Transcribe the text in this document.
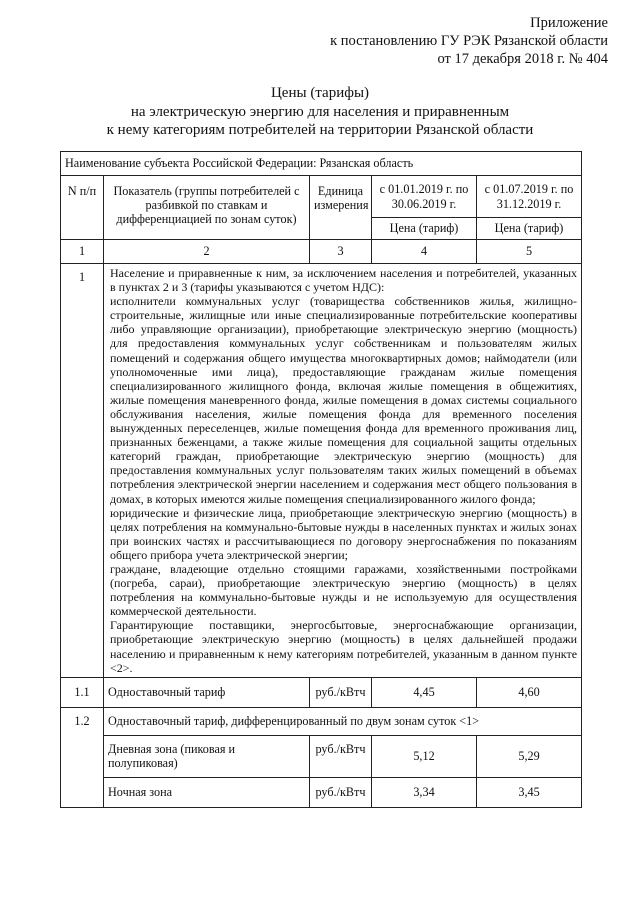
Приложение
к постановлению ГУ РЭК Рязанской области
от 17 декабря 2018 г. № 404
Цены (тарифы)
на электрическую энергию для населения и приравненным
к нему категориям потребителей на территории Рязанской области
Наименование субъекта Российской Федерации: Рязанская область				
N п/п	Показатель (группы потребителей с разбивкой по ставкам и дифференциацией по зонам суток)	Единица измерения	с 01.01.2019 г. по 30.06.2019 г.	с 01.07.2019 г. по 31.12.2019 г.
			Цена (тариф)	Цена (тариф)
1	2	3	4	5
1	Население и приравненные к ним, за исключением населения и потребителей, указанных в пунктах 2 и 3 (тарифы указываются с учетом НДС):

исполнители коммунальных услуг (товарищества собственников жилья, жилищно-строительные, жилищные или иные специализированные потребительские кооперативы либо управляющие организации), приобретающие электрическую энергию (мощность) для предоставления коммунальных услуг собственникам и пользователям жилых помещений и содержания общего имущества многоквартирных домов; наймодатели (или уполномоченные ими лица), предоставляющие гражданам жилые помещения специализированного жилищного фонда, включая жилые помещения в общежитиях, жилые помещения маневренного фонда, жилые помещения в домах системы социального обслуживания населения, жилые помещения фонда для временного поселения вынужденных переселенцев, жилые помещения фонда для временного проживания лиц, признанных беженцами, а также жилые помещения для социальной защиты отдельных категорий граждан, приобретающие электрическую энергию (мощность) для предоставления коммунальных услуг пользователям таких жилых помещений в объемах потребления электрической энергии населением и содержания мест общего пользования в домах, в которых имеются жилые помещения специализированного жилого фонда;

юридические и физические лица, приобретающие электрическую энергию (мощность) в целях потребления на коммунально-бытовые нужды в населенных пунктах и жилых зонах при воинских частях и рассчитывающиеся по договору энергоснабжения по показаниям общего прибора учета электрической энергии;

граждане, владеющие отдельно стоящими гаражами, хозяйственными постройками (погреба, сараи), приобретающие электрическую энергию (мощность) в целях потребления на коммунально-бытовые нужды и не используемую для осуществления коммерческой деятельности.

Гарантирующие поставщики, энергосбытовые, энергоснабжающие организации, приобретающие электрическую энергию (мощность) в целях дальнейшей продажи населению и приравненным к нему категориям потребителей, указанным в данном пункте <2>.			

1.1	Одноставочный тариф	руб./кВтч	4,45	4,60
1.2	Одноставочный тариф, дифференцированный по двум зонам суток <1>			
	Дневная зона (пиковая и полупиковая)	руб./кВтч	5,12	5,29
	Ночная зона	руб./кВтч	3,34	3,45
